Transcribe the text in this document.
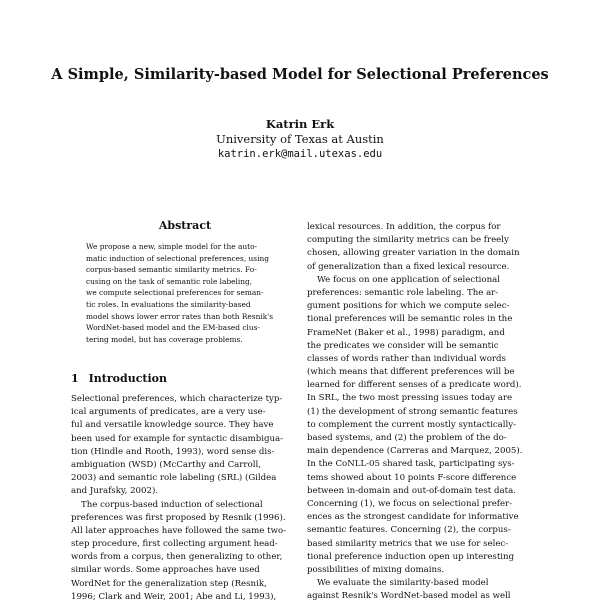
A Simple, Similarity-based Model for Selectional Preferences
Katrin Erk
University of Texas at Austin
katrin.erk@mail.utexas.edu
Abstract
We propose a new, simple model for the auto-
matic induction of selectional preferences, using
corpus-based semantic similarity metrics. Fo-
cusing on the task of semantic role labeling,
we compute selectional preferences for seman-
tic roles. In evaluations the similarity-based
model shows lower error rates than both Resnik's
WordNet-based model and the EM-based clus-
tering model, but has coverage problems.
1 Introduction
Selectional preferences, which characterize typ-
ical arguments of predicates, are a very use-
ful and versatile knowledge source. They have
been used for example for syntactic disambigua-
tion (Hindle and Rooth, 1993), word sense dis-
ambiguation (WSD) (McCarthy and Carroll,
2003) and semantic role labeling (SRL) (Gildea
and Jurafsky, 2002).
The corpus-based induction of selectional
preferences was first proposed by Resnik (1996).
All later approaches have followed the same two-
step procedure, first collecting argument head-
words from a corpus, then generalizing to other,
similar words. Some approaches have used
WordNet for the generalization step (Resnik,
1996; Clark and Weir, 2001; Abe and Li, 1993),
lexical resources. In addition, the corpus for
computing the similarity metrics can be freely
chosen, allowing greater variation in the domain
of generalization than a fixed lexical resource.
We focus on one application of selectional
preferences: semantic role labeling. The ar-
gument positions for which we compute selec-
tional preferences will be semantic roles in the
FrameNet (Baker et al., 1998) paradigm, and
the predicates we consider will be semantic
classes of words rather than individual words
(which means that different preferences will be
learned for different senses of a predicate word).
In SRL, the two most pressing issues today are
(1) the development of strong semantic features
to complement the current mostly syntactically-
based systems, and (2) the problem of the do-
main dependence (Carreras and Marquez, 2005).
In the CoNLL-05 shared task, participating sys-
tems showed about 10 points F-score difference
between in-domain and out-of-domain test data.
Concerning (1), we focus on selectional prefer-
ences as the strongest candidate for informative
semantic features. Concerning (2), the corpus-
based similarity metrics that we use for selec-
tional preference induction open up interesting
possibilities of mixing domains.
We evaluate the similarity-based model
against Resnik's WordNet-based model as well
